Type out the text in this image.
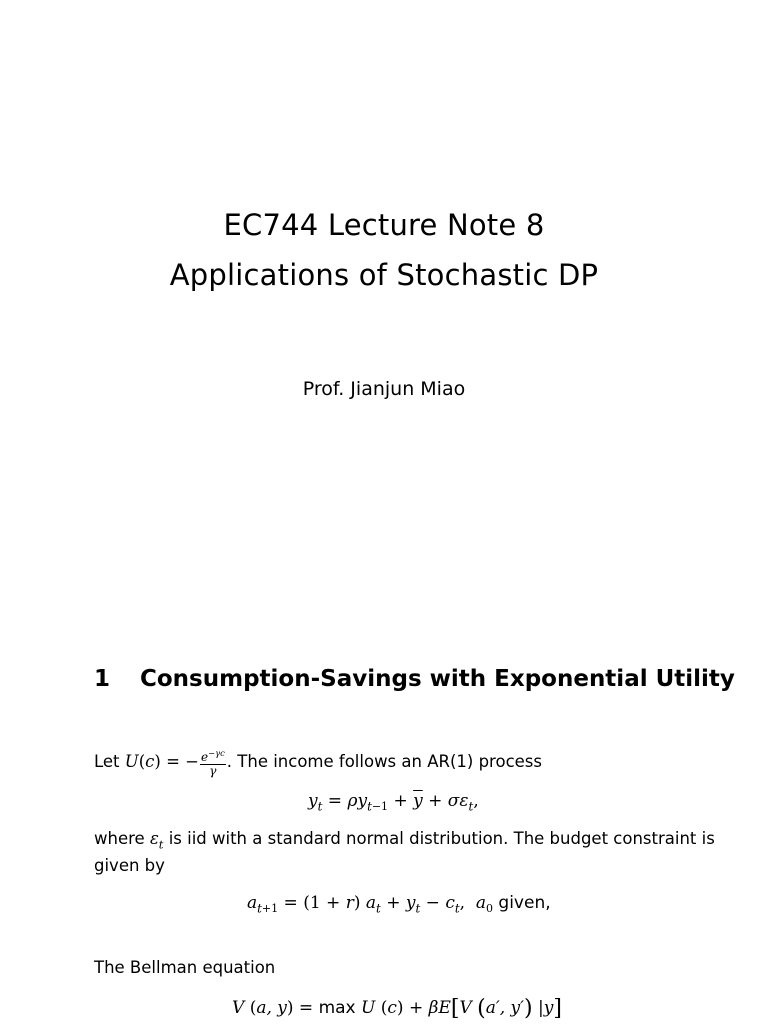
EC744 Lecture Note 8
Applications of Stochastic DP
Prof. Jianjun Miao
1 Consumption-Savings with Exponential Utility
Let U(c) = − $\frac{e^{-\gamma c}}{\gamma}$ . The income follows an AR(1) process
$y_t = \rho y_{t-1} + \overline{y} + \sigma\varepsilon_t$,
where $\varepsilon_t$ is iid with a standard normal distribution. The budget constraint is
given by
$a_{t+1} = (1 + r) a_t + y_t - c_t$, $a_0$ given,
The Bellman equation
V (a, y) = max U (c) + βE[V (a′, y′) |y]
